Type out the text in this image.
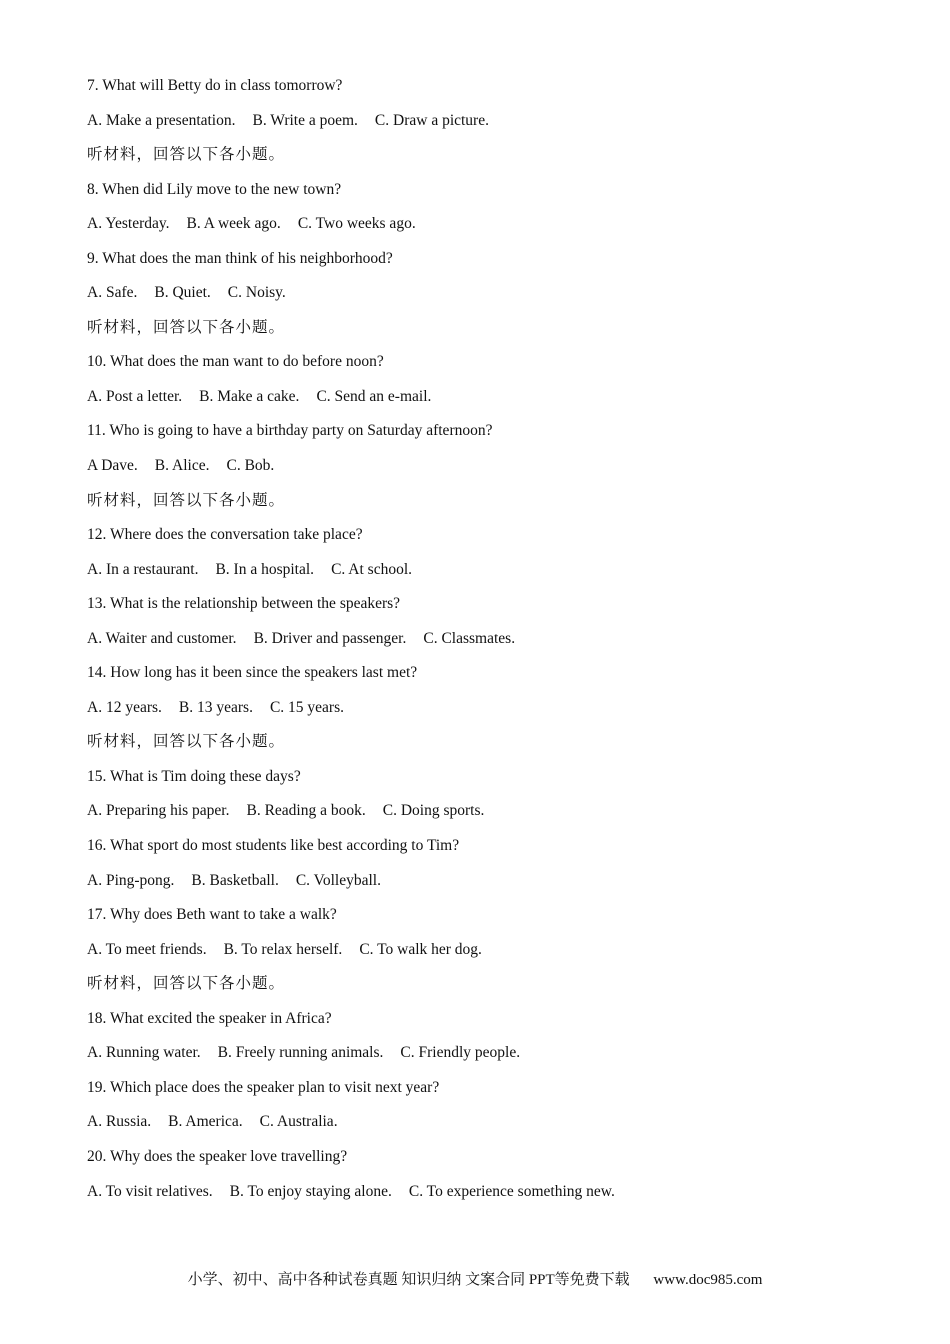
7. What will Betty do in class tomorrow?
A. Make a presentation. B. Write a poem. C. Draw a picture.
听材料，回答以下各小题。
8. When did Lily move to the new town?
A. Yesterday. B. A week ago. C. Two weeks ago.
9. What does the man think of his neighborhood?
A. Safe. B. Quiet. C. Noisy.
听材料，回答以下各小题。
10. What does the man want to do before noon?
A. Post a letter. B. Make a cake. C. Send an e-mail.
11. Who is going to have a birthday party on Saturday afternoon?
A Dave. B. Alice. C. Bob.
听材料，回答以下各小题。
12. Where does the conversation take place?
A. In a restaurant. B. In a hospital. C. At school.
13. What is the relationship between the speakers?
A. Waiter and customer. B. Driver and passenger. C. Classmates.
14. How long has it been since the speakers last met?
A. 12 years. B. 13 years. C. 15 years.
听材料，回答以下各小题。
15. What is Tim doing these days?
A. Preparing his paper. B. Reading a book. C. Doing sports.
16. What sport do most students like best according to Tim?
A. Ping-pong. B. Basketball. C. Volleyball.
17. Why does Beth want to take a walk?
A. To meet friends. B. To relax herself. C. To walk her dog.
听材料，回答以下各小题。
18. What excited the speaker in Africa?
A. Running water. B. Freely running animals. C. Friendly people.
19. Which place does the speaker plan to visit next year?
A. Russia. B. America. C. Australia.
20. Why does the speaker love travelling?
A. To visit relatives. B. To enjoy staying alone. C. To experience something new.
小学、初中、高中各种试卷真题 知识归纳 文案合同 PPT等免费下载 www.doc985.com
